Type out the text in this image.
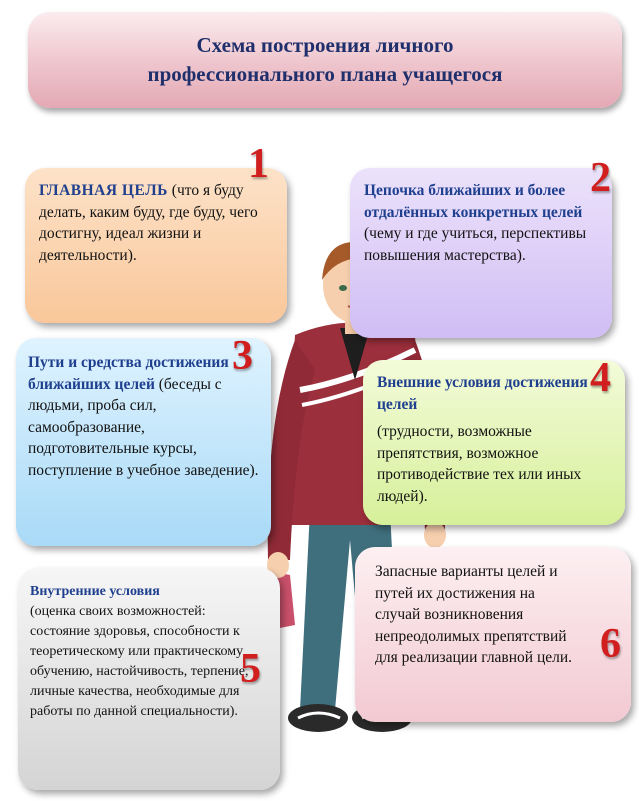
Схема построения личного
профессионального плана учащегося
ГЛАВНАЯ ЦЕЛЬ (что я буду делать, каким буду, где буду, чего достигну, идеал жизни и деятельности).
1
Цепочка ближайших и более отдалённых конкретных целей (чему и где учиться, перспективы повышения мастерства).
2
Пути и средства достижения ближайших целей (беседы с людьми, проба сил, самообразование, подготовительные курсы, поступление в учебное заведение).
3
Внешние условия достижения целей
(трудности, возможные препятствия, возможное противодействие тех или иных людей).
4
Внутренние условия
(оценка своих возможностей: состояние здоровья, способности к теоретическому или практическому обучению, настойчивость, терпение, личные качества, необходимые для работы по данной специальности).
5
Запасные варианты целей и путей их достижения на случай возникновения непреодолимых препятствий для реализации главной цели. 6
